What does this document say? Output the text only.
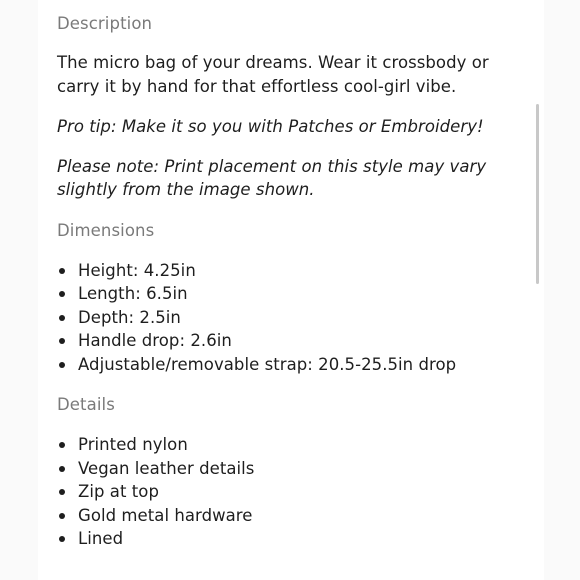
Description

The micro bag of your dreams. Wear it crossbody or

carry it by hand for that effortless cool-girl vibe.

Pro tip: Make it so you with Patches or Embroidery!

Please note: Print placement on this style may vary

slightly from the image shown.

Dimensions
Height: 4.25in
Length: 6.5in
Depth: 2.5in
Handle drop: 2.6in
Adjustable/removable strap: 20.5-25.5in drop
Details
Printed nylon
Vegan leather details
Zip at top
Gold metal hardware
Lined
